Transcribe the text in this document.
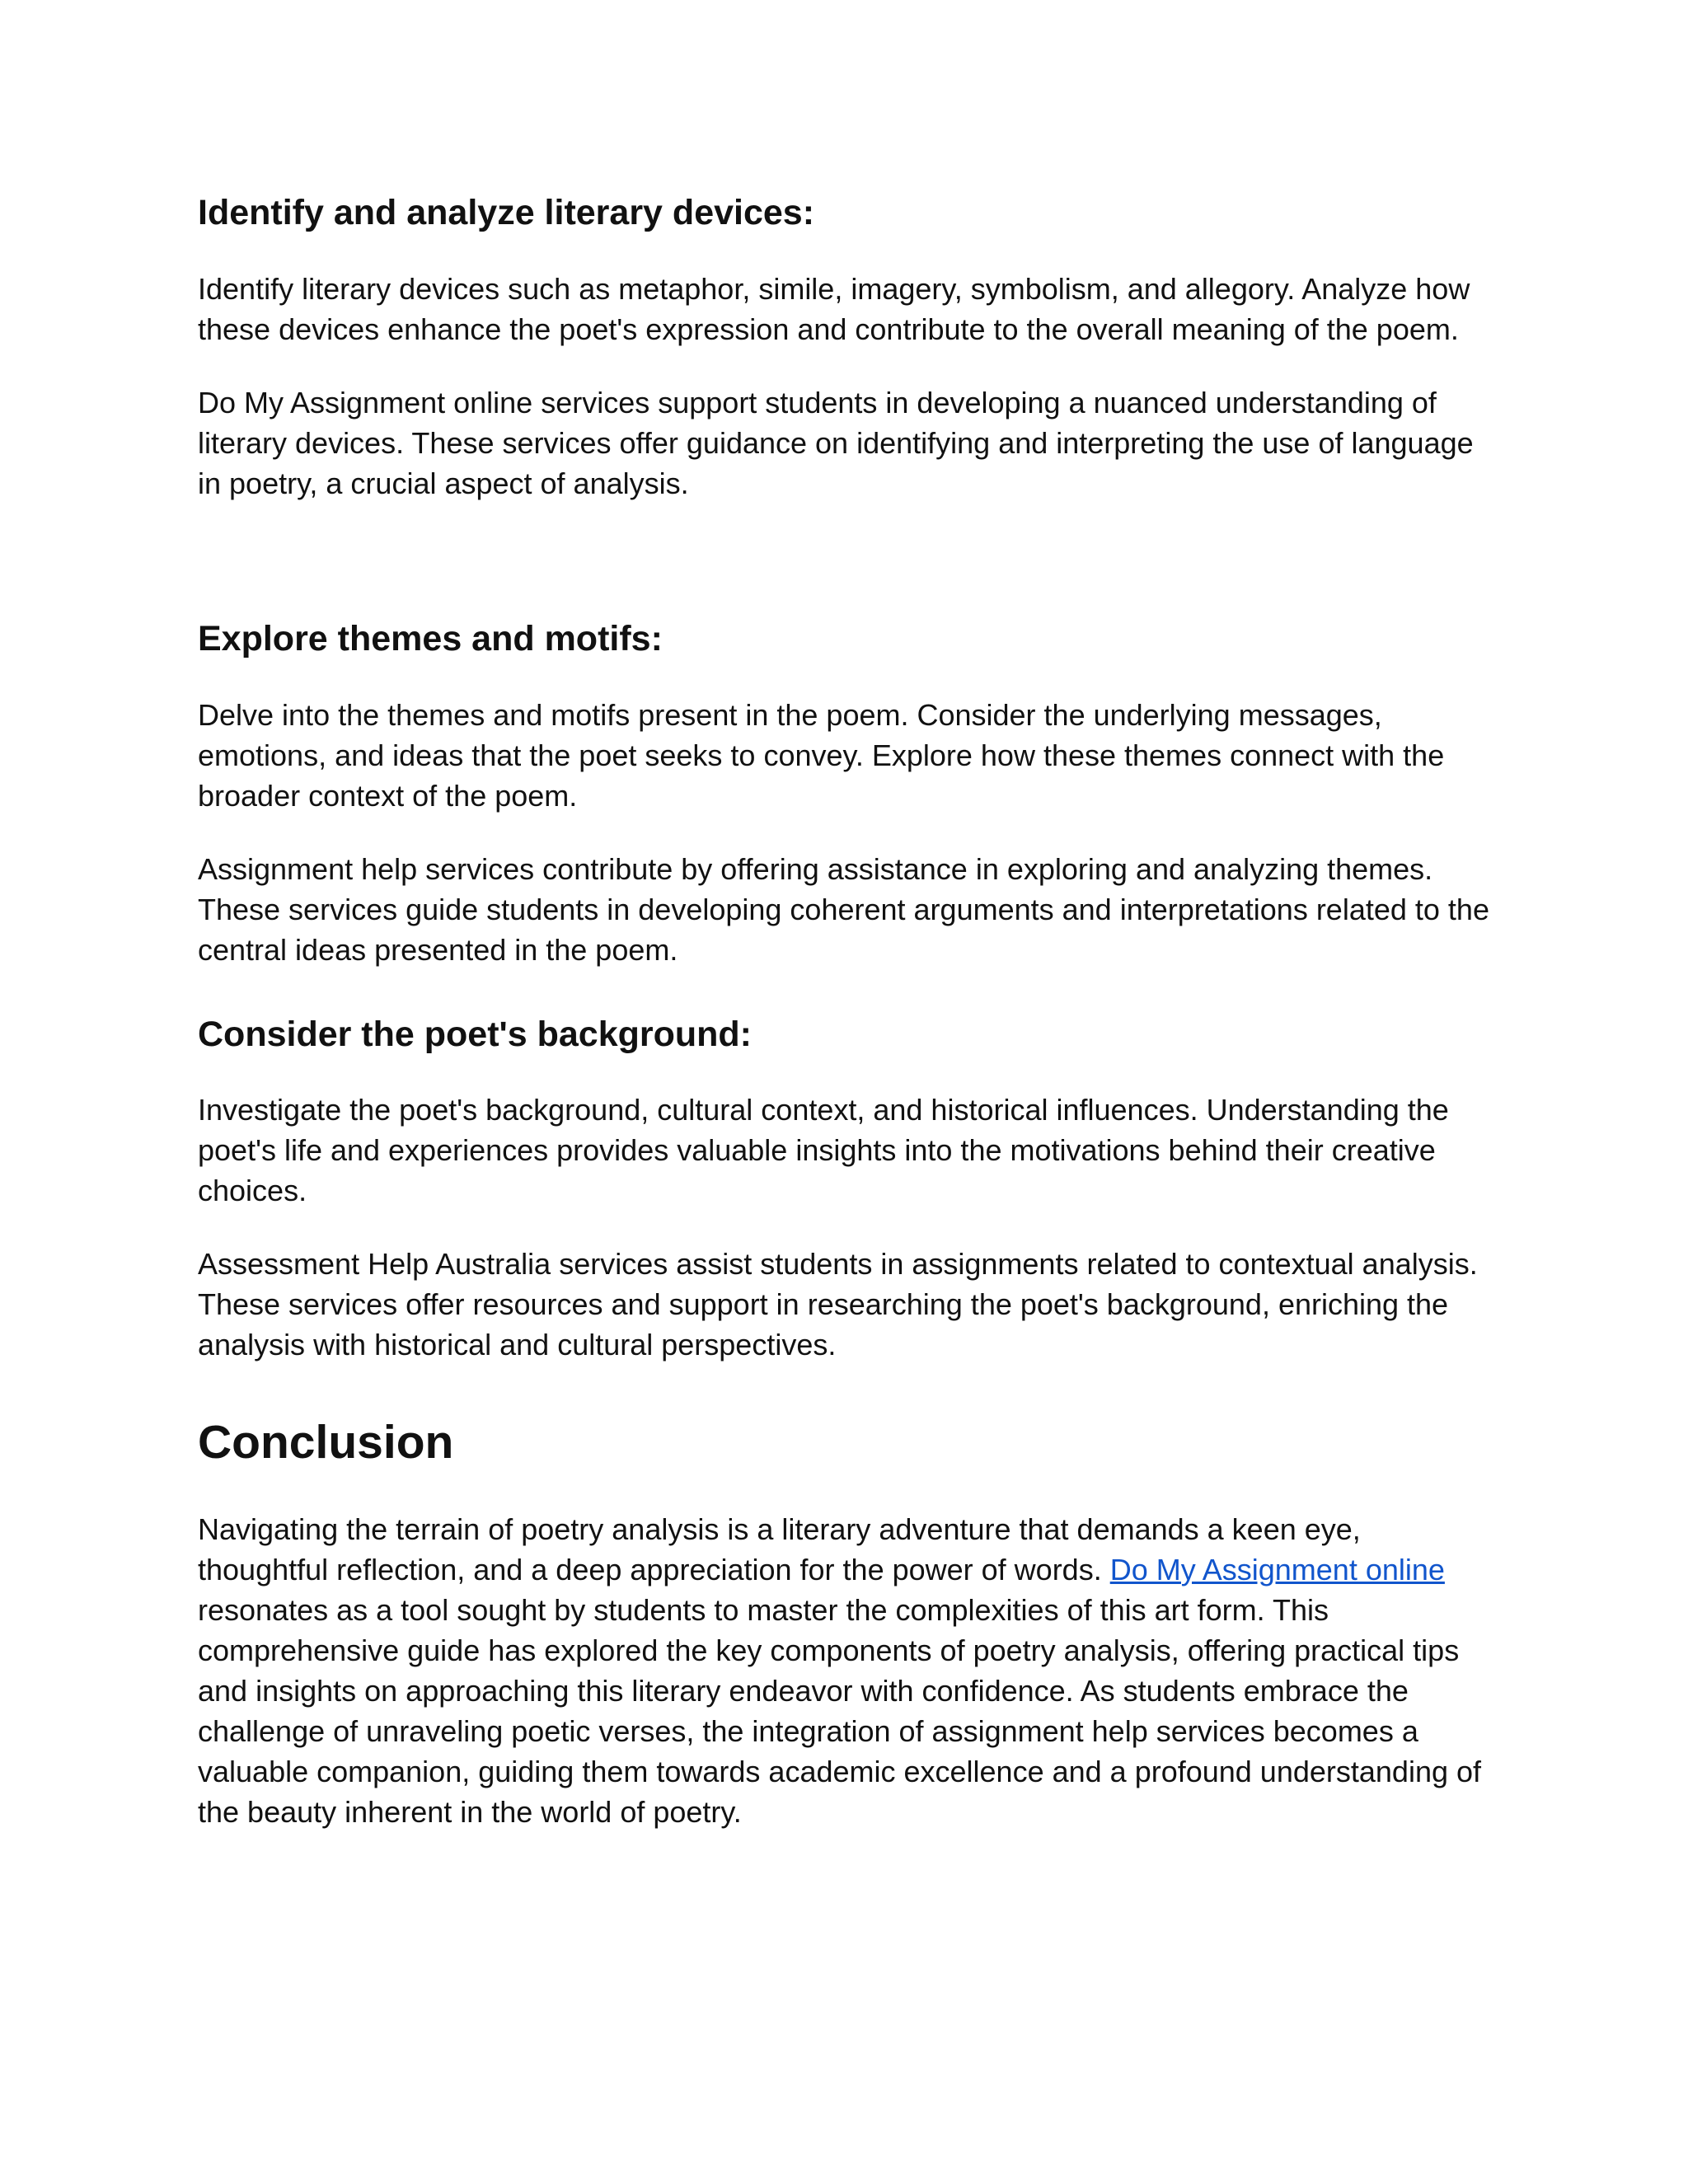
Identify and analyze literary devices:

Identify literary devices such as metaphor, simile, imagery, symbolism, and allegory. Analyze how these devices enhance the poet's expression and contribute to the overall meaning of the poem.

Do My Assignment online services support students in developing a nuanced understanding of literary devices. These services offer guidance on identifying and interpreting the use of language in poetry, a crucial aspect of analysis.

Explore themes and motifs:

Delve into the themes and motifs present in the poem. Consider the underlying messages, emotions, and ideas that the poet seeks to convey. Explore how these themes connect with the broader context of the poem.

Assignment help services contribute by offering assistance in exploring and analyzing themes. These services guide students in developing coherent arguments and interpretations related to the central ideas presented in the poem.

Consider the poet's background:

Investigate the poet's background, cultural context, and historical influences. Understanding the poet's life and experiences provides valuable insights into the motivations behind their creative choices.

Assessment Help Australia services assist students in assignments related to contextual analysis. These services offer resources and support in researching the poet's background, enriching the analysis with historical and cultural perspectives.

Conclusion

Navigating the terrain of poetry analysis is a literary adventure that demands a keen eye, thoughtful reflection, and a deep appreciation for the power of words. Do My Assignment online resonates as a tool sought by students to master the complexities of this art form. This comprehensive guide has explored the key components of poetry analysis, offering practical tips and insights on approaching this literary endeavor with confidence. As students embrace the challenge of unraveling poetic verses, the integration of assignment help services becomes a valuable companion, guiding them towards academic excellence and a profound understanding of the beauty inherent in the world of poetry.
